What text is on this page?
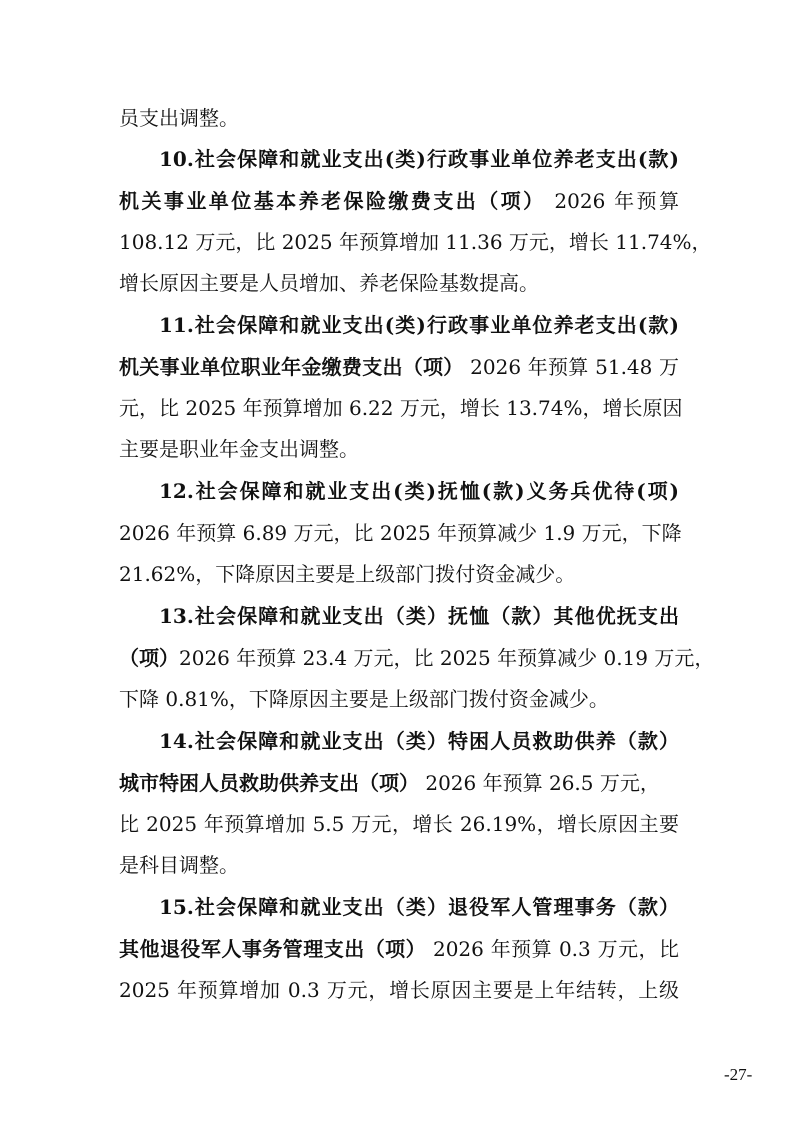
员支出调整。
10.社会保障和就业支出(类)行政事业单位养老支出(款)
机关事业单位基本养老保险缴费支出（项） 2026 年预算
108.12 万元，比 2025 年预算增加 11.36 万元，增长 11.74%，
增长原因主要是人员增加、养老保险基数提高。
11.社会保障和就业支出(类)行政事业单位养老支出(款)
机关事业单位职业年金缴费支出（项） 2026 年预算 51.48 万
元，比 2025 年预算增加 6.22 万元，增长 13.74%，增长原因
主要是职业年金支出调整。
12.社会保障和就业支出(类)抚恤(款)义务兵优待(项)
2026 年预算 6.89 万元，比 2025 年预算减少 1.9 万元，下降
21.62%，下降原因主要是上级部门拨付资金减少。
13.社会保障和就业支出（类）抚恤（款）其他优抚支出
（项）2026 年预算 23.4 万元，比 2025 年预算减少 0.19 万元，
下降 0.81%，下降原因主要是上级部门拨付资金减少。
14.社会保障和就业支出（类）特困人员救助供养（款）
城市特困人员救助供养支出（项） 2026 年预算 26.5 万元，
比 2025 年预算增加 5.5 万元，增长 26.19%，增长原因主要
是科目调整。
15.社会保障和就业支出（类）退役军人管理事务（款）
其他退役军人事务管理支出（项） 2026 年预算 0.3 万元，比
2025 年预算增加 0.3 万元，增长原因主要是上年结转，上级
-27-
